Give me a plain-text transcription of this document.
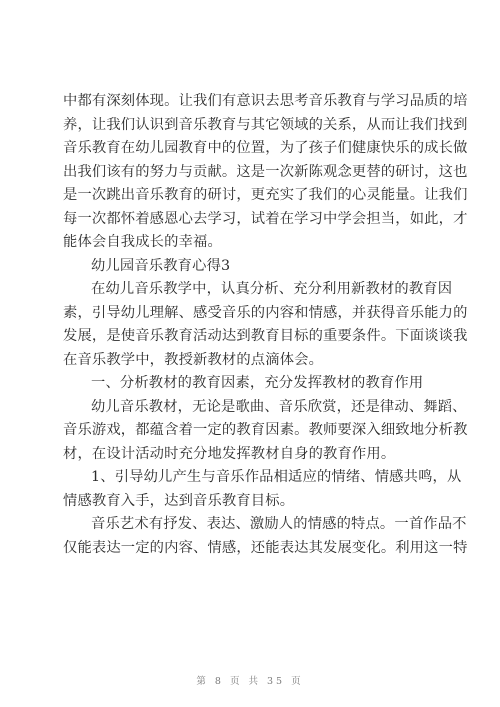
中都有深刻体现。让我们有意识去思考音乐教育与学习品质的培
养，让我们认识到音乐教育与其它领域的关系，从而让我们找到
音乐教育在幼儿园教育中的位置，为了孩子们健康快乐的成长做
出我们该有的努力与贡献。这是一次新陈观念更替的研讨，这也
是一次跳出音乐教育的研讨，更充实了我们的心灵能量。让我们
每一次都怀着感恩心去学习，试着在学习中学会担当，如此，才
能体会自我成长的幸福。
幼儿园音乐教育心得3
在幼儿音乐教学中，认真分析、充分利用新教材的教育因
素，引导幼儿理解、感受音乐的内容和情感，并获得音乐能力的
发展，是使音乐教育活动达到教育目标的重要条件。下面谈谈我
在音乐教学中，教授新教材的点滴体会。
一、分析教材的教育因素，充分发挥教材的教育作用
幼儿音乐教材，无论是歌曲、音乐欣赏，还是律动、舞蹈、
音乐游戏，都蕴含着一定的教育因素。教师要深入细致地分析教
材，在设计活动时充分地发挥教材自身的教育作用。
1、引导幼儿产生与音乐作品相适应的情绪、情感共鸣，从
情感教育入手，达到音乐教育目标。
音乐艺术有抒发、表达、激励人的情感的特点。一首作品不
仅能表达一定的内容、情感，还能表达其发展变化。利用这一特
第 8 页 共 35 页
